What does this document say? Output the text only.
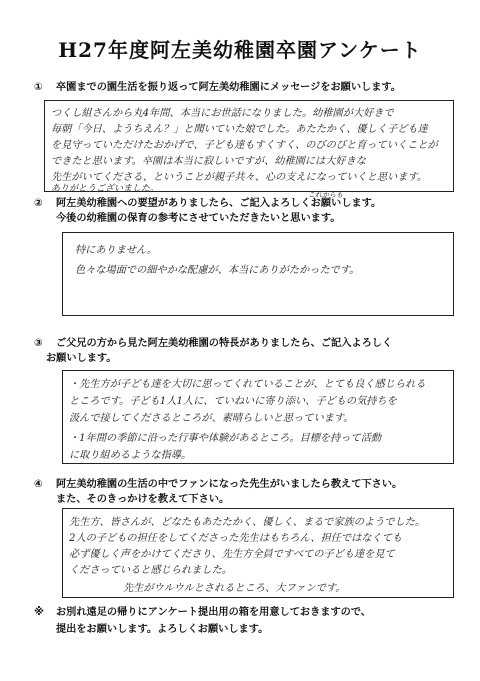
H27年度阿左美幼稚園卒園アンケート
① 卒園までの園生活を振り返って阿左美幼稚園にメッセージをお願いします。
つくし組さんから丸4年間、本当にお世話になりました。幼稚園が大好きで
毎朝「今日、ようちえん？」と聞いていた娘でした。あたたかく、優しく子ども達
を見守っていただけたおかげで、子ども達もすくすく、のびのびと育っていくことが
できたと思います。卒園は本当に寂しいですが、幼稚園には大好きな
先生がいてくださる、ということが親子共々、心の支えになっていくと思います。
ありがとうございました。
② 阿左美幼稚園への要望がありましたら、ご記入よろしくお願いします。
今後の幼稚園の保育の参考にさせていただきたいと思います。
これからも
特にありません。
色々な場面での細やかな配慮が、本当にありがたかったです。
③ ご父兄の方から見た阿左美幼稚園の特長がありましたら、ご記入よろしく
お願いします。
・先生方が子ども達を大切に思ってくれていることが、とても良く感じられる
ところです。子ども1人1人に、ていねいに寄り添い、子どもの気持ちを
汲んで接してくださるところが、素晴らしいと思っています。
・1年間の季節に沿った行事や体験があるところ。目標を持って活動
に取り組めるような指導。
④ 阿左美幼稚園の生活の中でファンになった先生がいましたら教えて下さい。
また、そのきっかけを教えて下さい。
先生方、皆さんが、どなたもあたたかく、優しく、まるで家族のようでした。
2人の子どもの担任をしてくださった先生はもちろん、担任ではなくても
必ず優しく声をかけてくださり、先生方全員ですべての子ども達を見て
くださっていると感じられました。
先生がウルウルとされるところ、大ファンです。
※ お別れ遠足の帰りにアンケート提出用の箱を用意しておきますので、
提出をお願いします。よろしくお願いします。
